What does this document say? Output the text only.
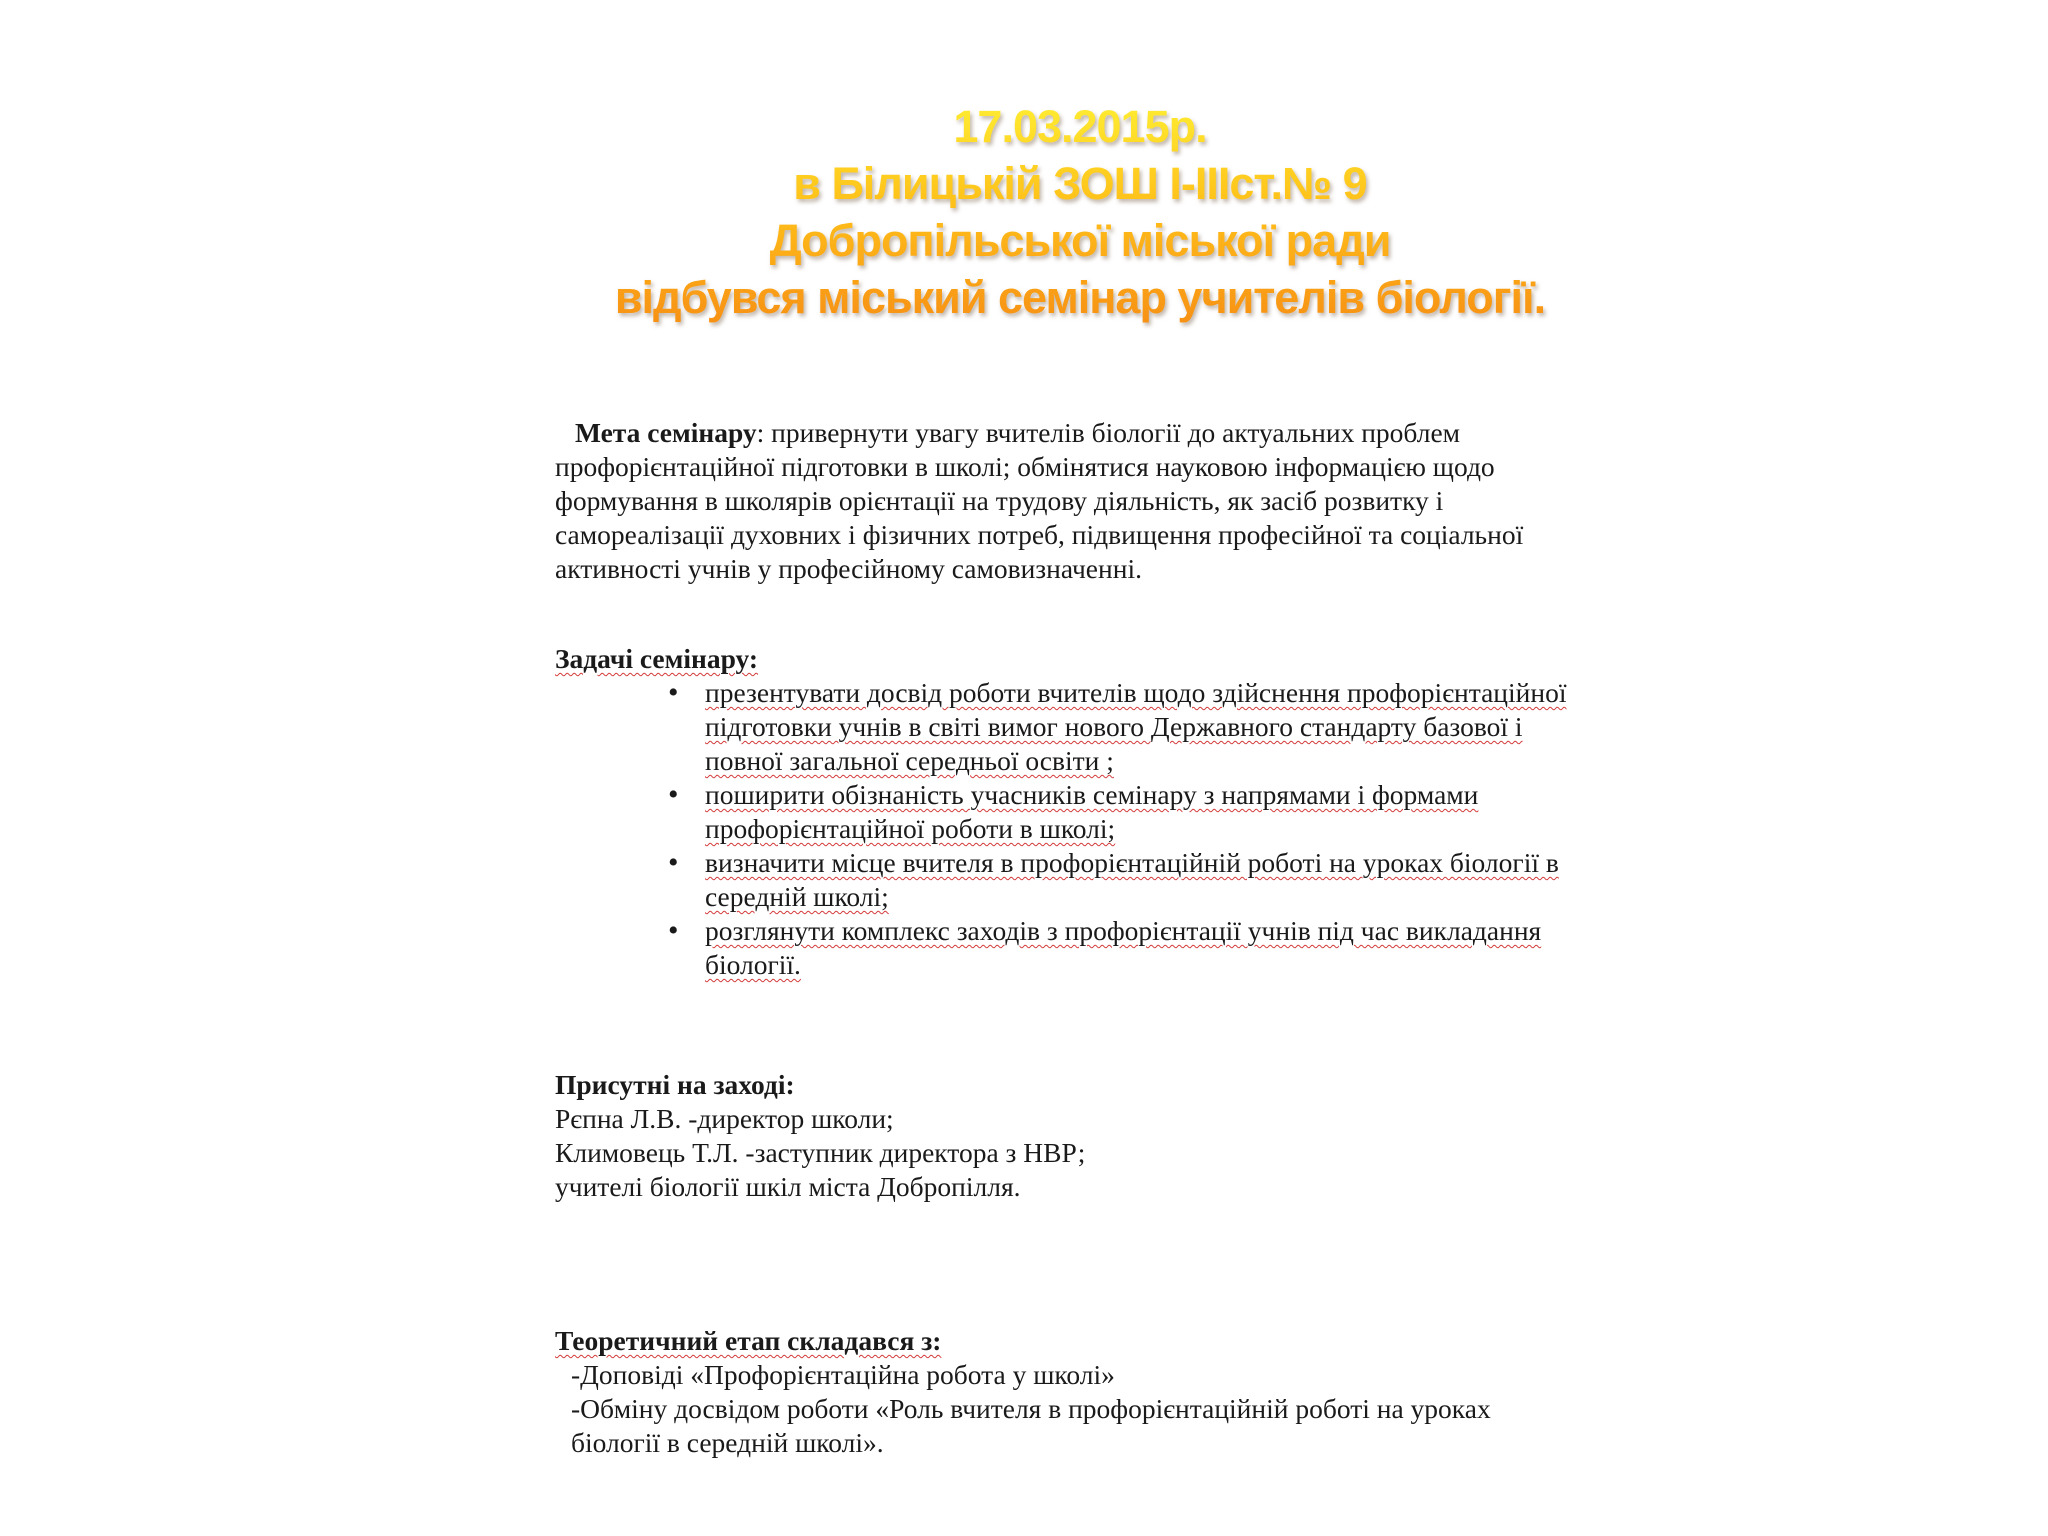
17.03.2015р.
в Білицькій ЗОШ І-ІІІст.№ 9
Добропільської міської ради
відбувся міський семінар учителів біології.

Мета семінару: привернути увагу вчителів біології до актуальних проблем профорієнтаційної підготовки в школі; обмінятися науковою інформацією щодо формування в школярів орієнтації на трудову діяльність, як засіб розвитку і самореалізації духовних і фізичних потреб, підвищення професійної та соціальної активності учнів у професійному самовизначенні.

Задачі семінару:

• презентувати досвід роботи вчителів щодо здійснення профорієнтаційної підготовки учнів в світі вимог нового Державного стандарту базової і повної загальної середньої освіти ;
• поширити обізнаність учасників семінару з напрямами і формами профорієнтаційної роботи в школі;
• визначити місце вчителя в профорієнтаційній роботі на уроках біології в середній школі;
• розглянути комплекс заходів з профорієнтації учнів під час викладання біології.

Присутні на заході:

Рєпна Л.В. -директор школи;
Климовець Т.Л. -заступник директора з НВР;
учителі біології шкіл міста Добропілля.

Теоретичний етап складався з:

-Доповіді «Профорієнтаційна робота у школі»
-Обміну досвідом роботи «Роль вчителя в профорієнтаційній роботі на уроках біології в середній школі».
